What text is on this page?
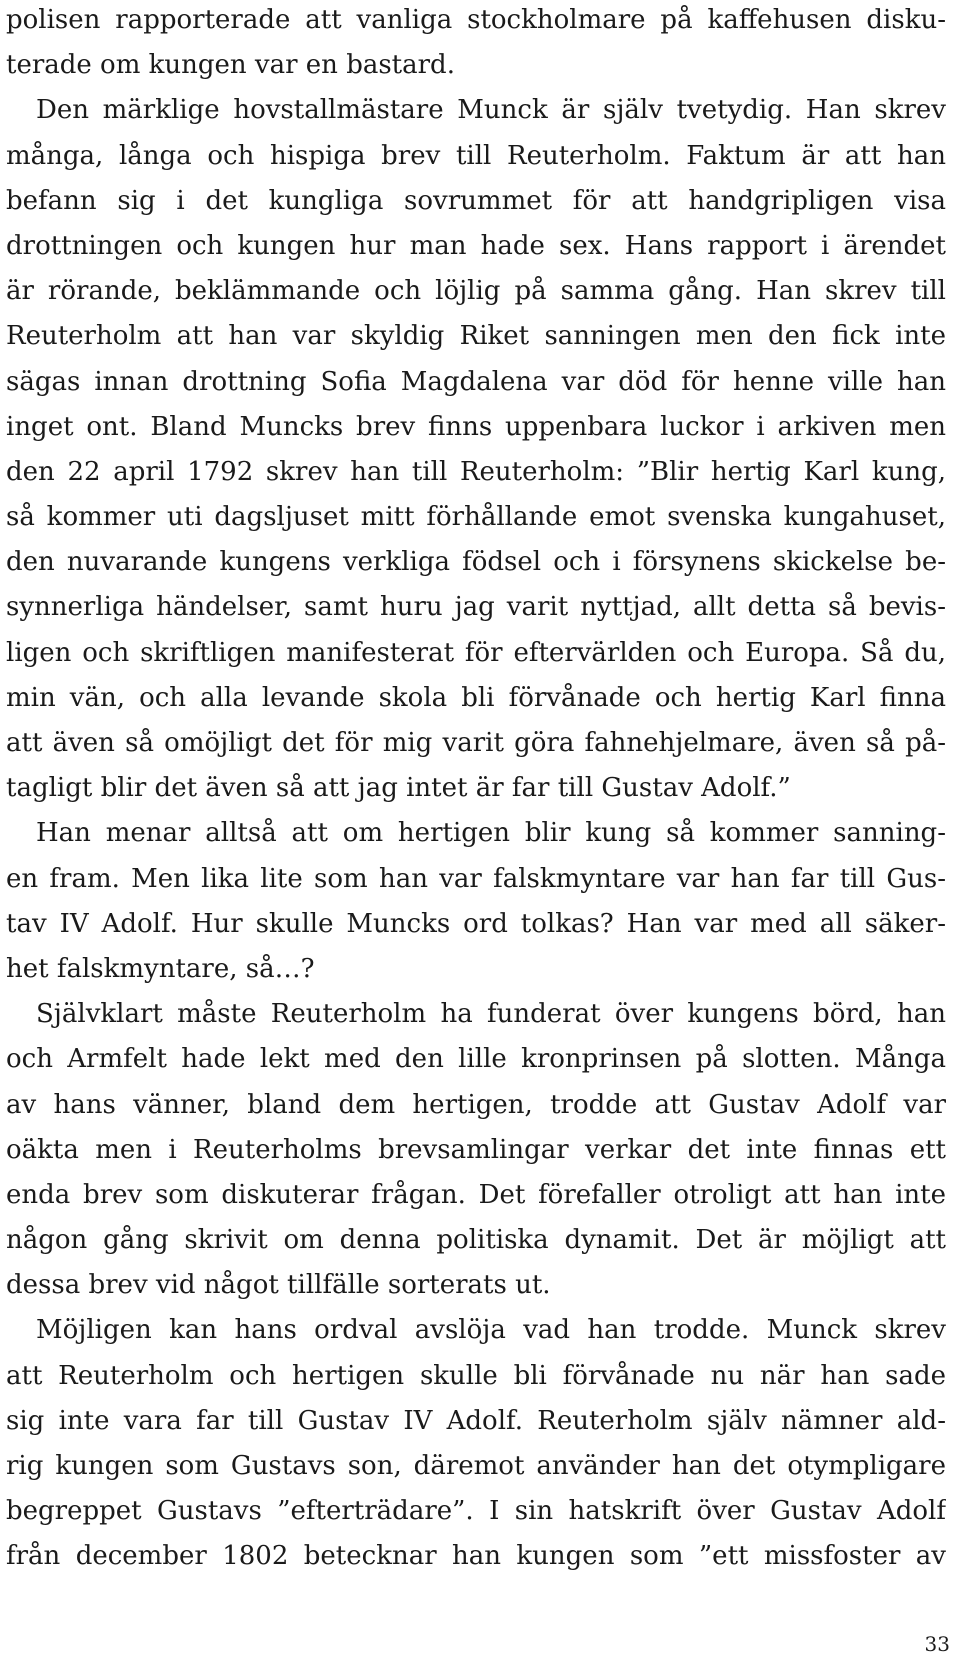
polisen rapporterade att vanliga stockholmare på kaffehusen disku-
terade om kungen var en bastard.
Den märklige hovstallmästare Munck är själv tvetydig. Han skrev
många, långa och hispiga brev till Reuterholm. Faktum är att han
befann sig i det kungliga sovrummet för att handgripligen visa
drottningen och kungen hur man hade sex. Hans rapport i ärendet
är rörande, beklämmande och löjlig på samma gång. Han skrev till
Reuterholm att han var skyldig Riket sanningen men den fick inte
sägas innan drottning Sofia Magdalena var död för henne ville han
inget ont. Bland Muncks brev finns uppenbara luckor i arkiven men
den 22 april 1792 skrev han till Reuterholm: ”Blir hertig Karl kung,
så kommer uti dagsljuset mitt förhållande emot svenska kungahuset,
den nuvarande kungens verkliga födsel och i försynens skickelse be-
synnerliga händelser, samt huru jag varit nyttjad, allt detta så bevis-
ligen och skriftligen manifesterat för eftervärlden och Europa. Så du,
min vän, och alla levande skola bli förvånade och hertig Karl finna
att även så omöjligt det för mig varit göra fahnehjelmare, även så på-
tagligt blir det även så att jag intet är far till Gustav Adolf.”
Han menar alltså att om hertigen blir kung så kommer sanning-
en fram. Men lika lite som han var falskmyntare var han far till Gus-
tav IV Adolf. Hur skulle Muncks ord tolkas? Han var med all säker-
het falskmyntare, så…?
Självklart måste Reuterholm ha funderat över kungens börd, han
och Armfelt hade lekt med den lille kronprinsen på slotten. Många
av hans vänner, bland dem hertigen, trodde att Gustav Adolf var
oäkta men i Reuterholms brevsamlingar verkar det inte finnas ett
enda brev som diskuterar frågan. Det förefaller otroligt att han inte
någon gång skrivit om denna politiska dynamit. Det är möjligt att
dessa brev vid något tillfälle sorterats ut.
Möjligen kan hans ordval avslöja vad han trodde. Munck skrev
att Reuterholm och hertigen skulle bli förvånade nu när han sade
sig inte vara far till Gustav IV Adolf. Reuterholm själv nämner ald-
rig kungen som Gustavs son, däremot använder han det otympligare
begreppet Gustavs ”efterträdare”. I sin hatskrift över Gustav Adolf
från december 1802 betecknar han kungen som ”ett missfoster av
33
